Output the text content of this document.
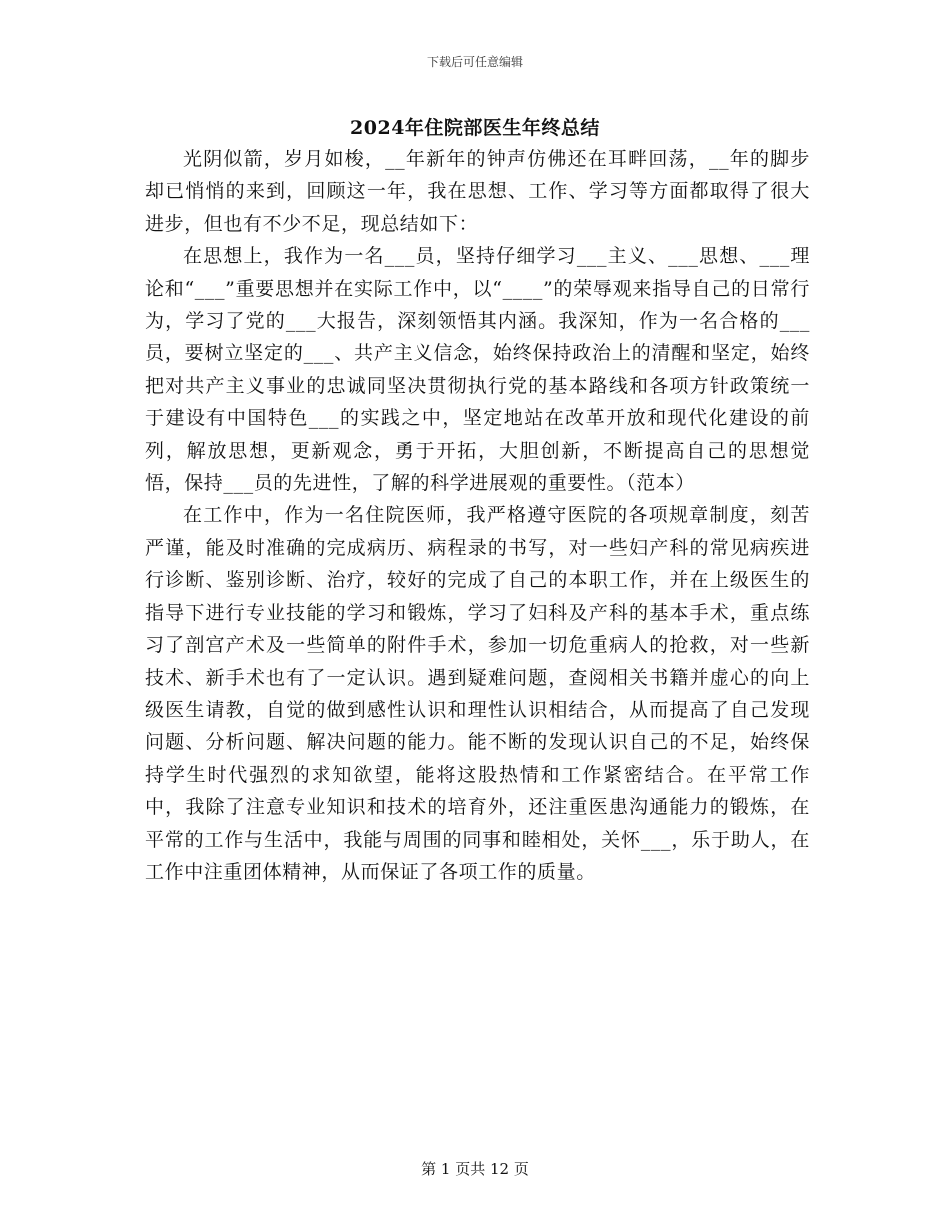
下载后可任意编辑
2024年住院部医生年终总结

光阴似箭，岁月如梭，__年新年的钟声仿佛还在耳畔回荡，__年的脚步却已悄悄的来到，回顾这一年，我在思想、工作、学习等方面都取得了很大进步，但也有不少不足，现总结如下：

在思想上，我作为一名___员，坚持仔细学习___主义、___思想、___理论和“___”重要思想并在实际工作中，以“____”的荣辱观来指导自己的日常行为，学习了党的___大报告，深刻领悟其内涵。我深知，作为一名合格的___员，要树立坚定的___、共产主义信念，始终保持政治上的清醒和坚定，始终把对共产主义事业的忠诚同坚决贯彻执行党的基本路线和各项方针政策统一于建设有中国特色___的实践之中，坚定地站在改革开放和现代化建设的前列，解放思想，更新观念，勇于开拓，大胆创新，不断提高自己的思想觉悟，保持___员的先进性，了解的科学进展观的重要性。（范本）

在工作中，作为一名住院医师，我严格遵守医院的各项规章制度，刻苦严谨，能及时准确的完成病历、病程录的书写，对一些妇产科的常见病疾进行诊断、鉴别诊断、治疗，较好的完成了自己的本职工作，并在上级医生的指导下进行专业技能的学习和锻炼，学习了妇科及产科的基本手术，重点练习了剖宫产术及一些简单的附件手术，参加一切危重病人的抢救，对一些新技术、新手术也有了一定认识。遇到疑难问题，查阅相关书籍并虚心的向上级医生请教，自觉的做到感性认识和理性认识相结合，从而提高了自己发现问题、分析问题、解决问题的能力。能不断的发现认识自己的不足，始终保持学生时代强烈的求知欲望，能将这股热情和工作紧密结合。在平常工作中，我除了注意专业知识和技术的培育外，还注重医患沟通能力的锻炼，在平常的工作与生活中，我能与周围的同事和睦相处，关怀___，乐于助人，在工作中注重团体精神，从而保证了各项工作的质量。

第 1 页共 12 页
